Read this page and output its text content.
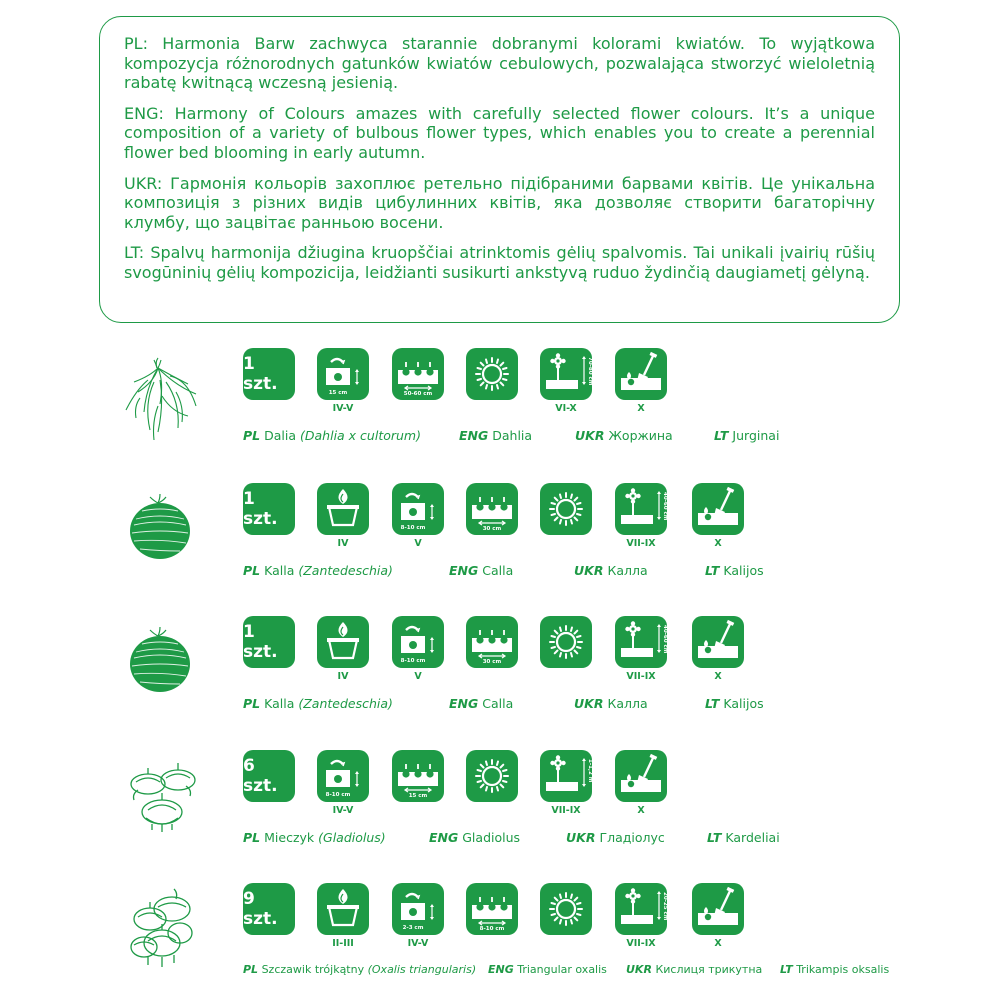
PL: Harmonia Barw zachwyca starannie dobranymi kolorami kwiatów. To wyjątkowa kompozycja różnorodnych gatunków kwiatów cebulowych, pozwalająca stworzyć wieloletnią rabatę kwitnącą wczesną jesienią.

ENG: Harmony of Colours amazes with carefully selected flower colours. It’s a unique composition of a variety of bulbous flower types, which enables you to create a perennial flower bed blooming in early autumn.

UKR: Гармонія кольорів захоплює ретельно підібраними барвами квітів. Це унікальна композиція з різних видів цибулинних квітів, яка дозволяє створити багаторічну клумбу, що зацвітає ранньою восени.

LT: Spalvų harmonija džiugina kruopščiai atrinktomis gėlių spalvomis. Tai unikali įvairių rūšių svogūninių gėlių kompozicija, leidžianti susikurti ankstyvą ruduo žydinčią daugiametį gėlyną.

1 szt.	15 cm
IV-V
50-60 cm
70-80 cm
VI-X	X
PL Dalia (Dahlia x cultorum)	ENG Dahlia	UKR Жоржина	LT Jurginai
1 szt.
IV
8-10 cm
V
30 cm
40-60 cm
VII-IX	X
PL Kalla (Zantedeschia)	ENG Calla	UKR Калла	LT Kalijos
1 szt.
IV
8-10 cm
V
30 cm
40-60 cm
VII-IX	X
PL Kalla (Zantedeschia)	ENG Calla	UKR Калла	LT Kalijos
6 szt.	8-10 cm
IV-V
15 cm
1-1,2 m
VII-IX	X
PL Mieczyk (Gladiolus)	ENG Gladiolus	UKR Гладіолус	LT Kardeliai
9 szt.
II-III
2-3 cm
IV-V
8-10 cm
20-25 cm
VII-IX	X
PL Szczawik trójkątny (Oxalis triangularis) ENG Triangular oxalis UKR Кислиця трикутна LT Trikampis oksalis
